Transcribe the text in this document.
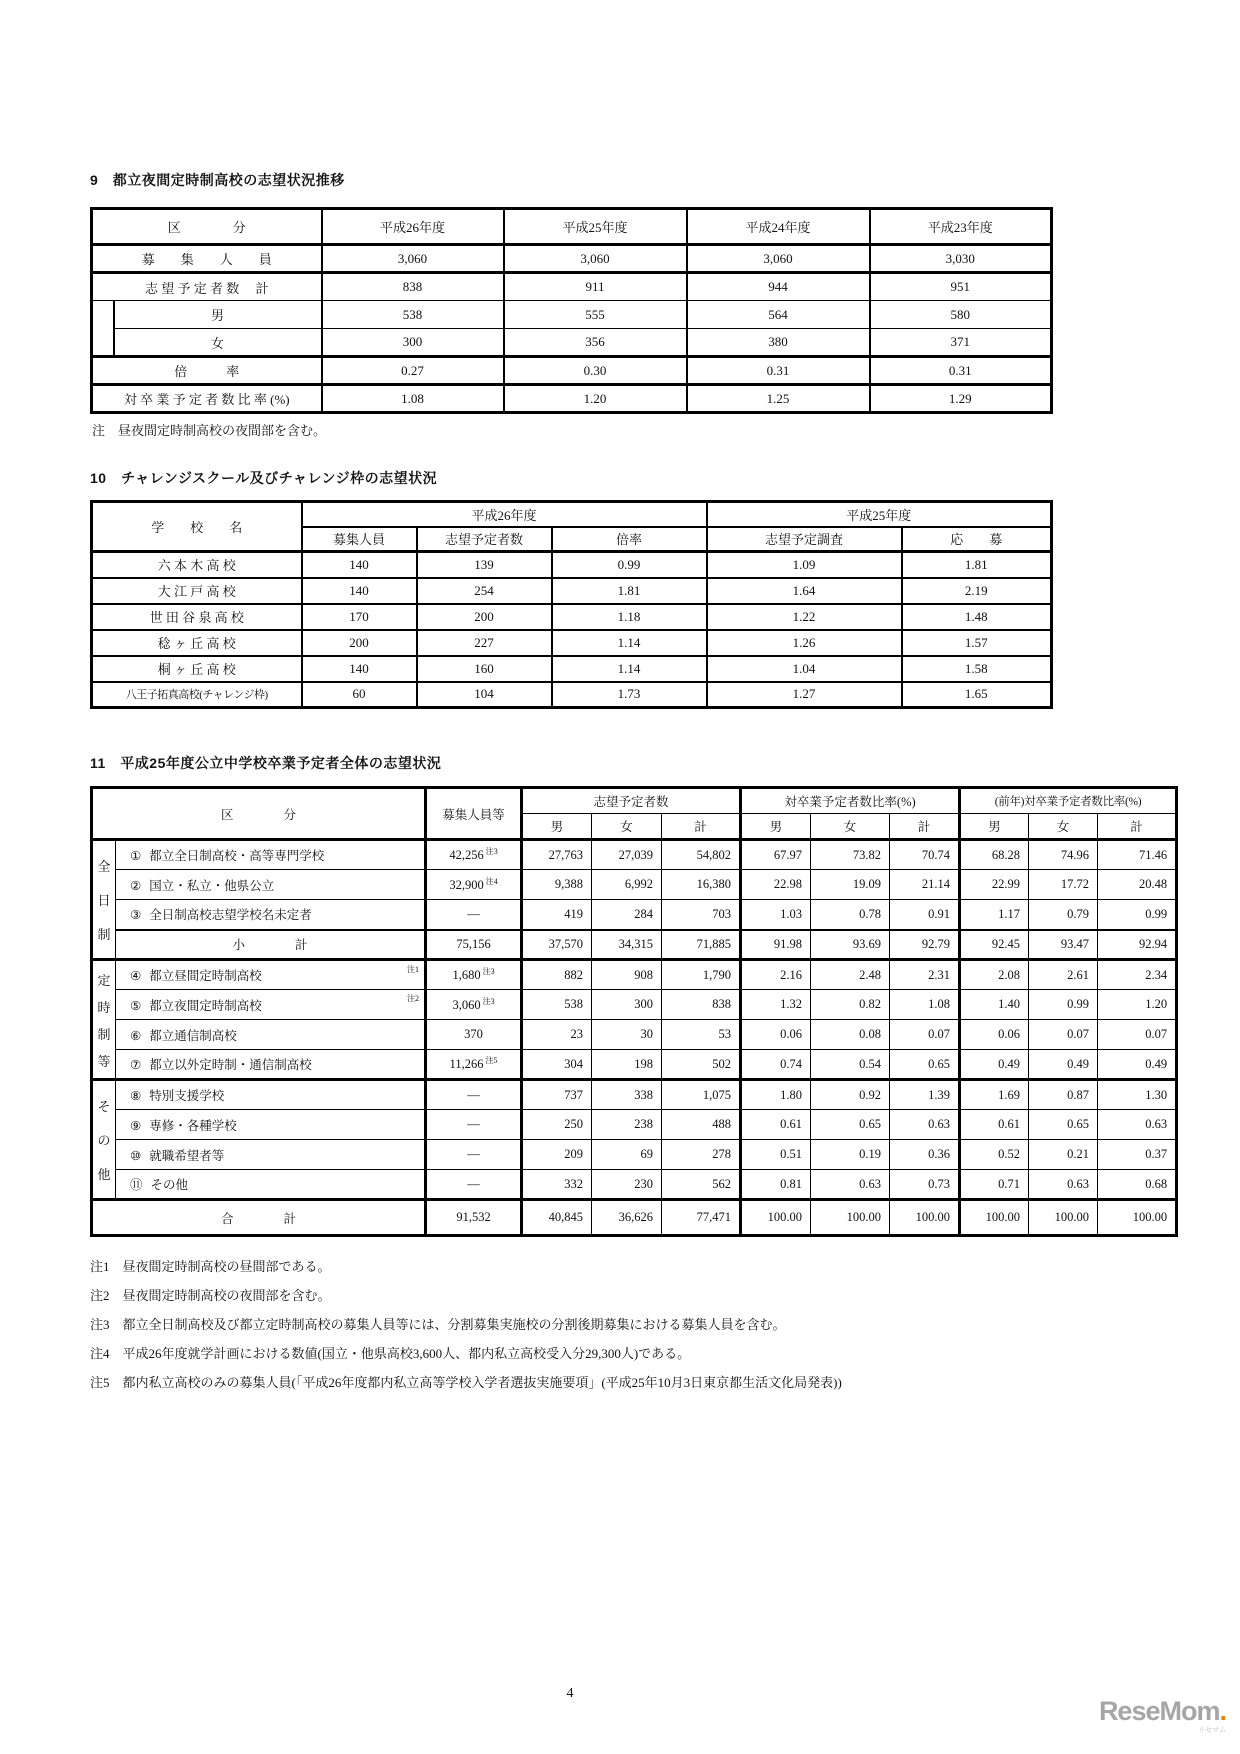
9　都立夜間定時制高校の志望状況推移
区　　　　分		平成26年度	平成25年度	平成24年度	平成23年度
募　　集　　人　　員		3,060	3,060	3,060	3,030
志 望 予 定 者 数　 計		838	911	944	951
	男	538	555	564	580
	女	300	356	380	371
倍　　　率		0.27	0.30	0.31	0.31
対 卒 業 予 定 者 数 比 率 (%)		1.08	1.20	1.25	1.29

注　昼夜間定時制高校の夜間部を含む。

10　チャレンジスクール及びチャレンジ枠の志望状況
学　　校　　名	平成26年度			平成25年度	
	募集人員	志望予定者数	倍率	志望予定調査	応　　募
六 本 木 高 校	140	139	0.99	1.09	1.81
大 江 戸 高 校	140	254	1.81	1.64	2.19
世 田 谷 泉 高 校	170	200	1.18	1.22	1.48
稔 ヶ 丘 高 校	200	227	1.14	1.26	1.57
桐 ヶ 丘 高 校	140	160	1.14	1.04	1.58
八王子拓真高校(チャレンジ枠)	60	104	1.73	1.27	1.65
11　平成25年度公立中学校卒業予定者全体の志望状況
区　　　　分		募集人員等	志望予定者数			対卒業予定者数比率(%)			(前年)対卒業予定者数比率(%)		
			男	女	計	男	女	計	男	女	計

全
日
制	① 都立全日制高校・高等専門学校	42,256 $^{注3}$	27,763	27,039	54,802	67.97	73.82	70.74	68.28	74.96	71.46
	② 国立・私立・他県公立	32,900 $^{注4}$	9,388	6,992	16,380	22.98	19.09	21.14	22.99	17.72	20.48
	③ 全日制高校志望学校名未定者	―	419	284	703	1.03	0.78	0.91	1.17	0.79	0.99
	小　　　　計	75,156	37,570	34,315	71,885	91.98	93.69	92.79	92.45	93.47	92.94

定
時
制
等	④ 都立昼間定時制高校 注1	1,680 $^{注3}$	882	908	1,790	2.16	2.48	2.31	2.08	2.61	2.34
	⑤ 都立夜間定時制高校 注2	3,060 $^{注3}$	538	300	838	1.32	0.82	1.08	1.40	0.99	1.20
	⑥ 都立通信制高校	370	23	30	53	0.06	0.08	0.07	0.06	0.07	0.07
	⑦ 都立以外定時制・通信制高校	11,266 $^{注5}$	304	198	502	0.74	0.54	0.65	0.49	0.49	0.49

そ
の
他	⑧ 特別支援学校	―	737	338	1,075	1.80	0.92	1.39	1.69	0.87	1.30
	⑨ 専修・各種学校	―	250	238	488	0.61	0.65	0.63	0.61	0.65	0.63
	⑩ 就職希望者等	―	209	69	278	0.51	0.19	0.36	0.52	0.21	0.37
	⑪ その他	―	332	230	562	0.81	0.63	0.73	0.71	0.63	0.68
合　　　　計		91,532	40,845	36,626	77,471	100.00	100.00	100.00	100.00	100.00	100.00

注1　昼夜間定時制高校の昼間部である。

注2　昼夜間定時制高校の夜間部を含む。

注3　都立全日制高校及び都立定時制高校の募集人員等には、分割募集実施校の分割後期募集における募集人員を含む。

注4　平成26年度就学計画における数値(国立・他県高校3,600人、都内私立高校受入分29,300人)である。

注5　都内私立高校のみの募集人員(「平成26年度都内私立高等学校入学者選抜実施要項」(平成25年10月3日東京都生活文化局発表))

4
ReseMom.
リセマム
